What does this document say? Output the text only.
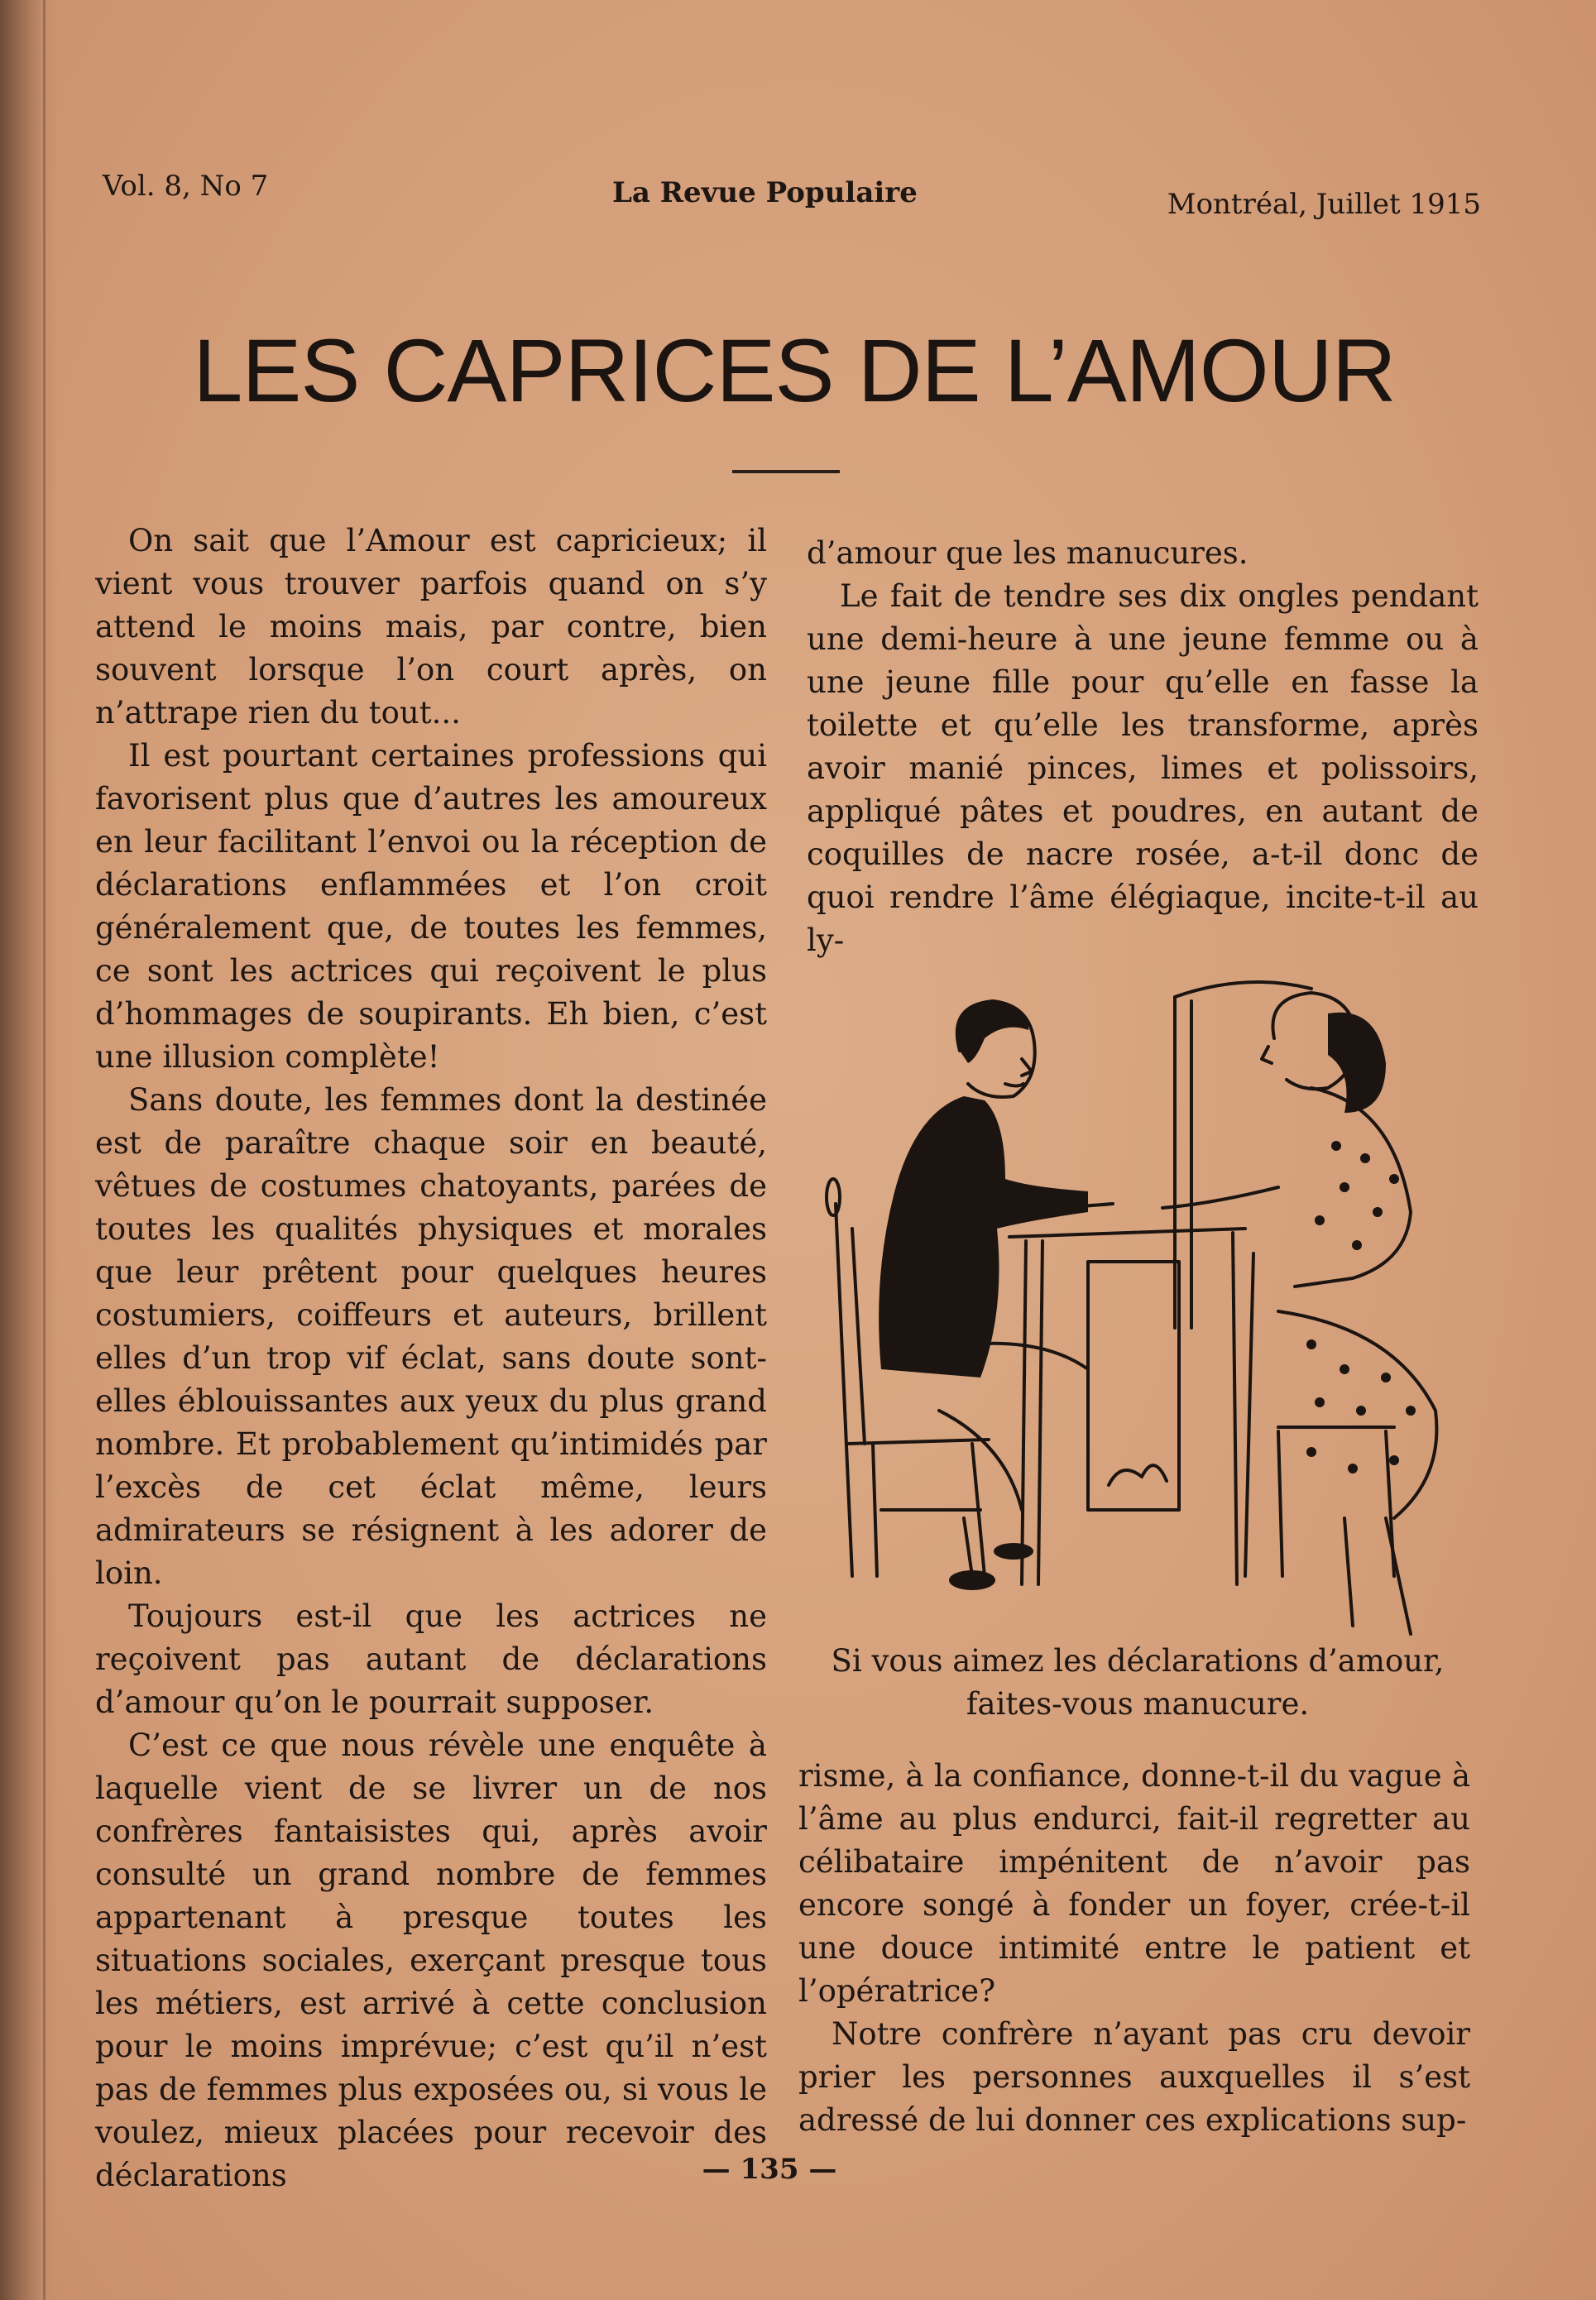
Vol. 8, No 7	La Revue Populaire	Montréal, Juillet 1915
LES CAPRICES DE L’AMOUR

On sait que l’Amour est capricieux; il vient vous trouver parfois quand on s’y attend le moins mais, par contre, bien souvent lorsque l’on court après, on n’attrape rien du tout...

Il est pourtant certaines professions qui favorisent plus que d’autres les amoureux en leur facilitant l’envoi ou la réception de déclarations enflammées et l’on croit généralement que, de toutes les femmes, ce sont les actrices qui reçoivent le plus d’hommages de soupirants. Eh bien, c’est une illusion complète!

Sans doute, les femmes dont la destinée est de paraître chaque soir en beauté, vêtues de costumes chatoyants, parées de toutes les qualités physiques et morales que leur prêtent pour quelques heures costumiers, coiffeurs et auteurs, brillent elles d’un trop vif éclat, sans doute sont-elles éblouissantes aux yeux du plus grand nombre. Et probablement qu’intimidés par l’excès de cet éclat même, leurs admirateurs se résignent à les adorer de loin.

Toujours est-il que les actrices ne reçoivent pas autant de déclarations d’amour qu’on le pourrait supposer.

C’est ce que nous révèle une enquête à laquelle vient de se livrer un de nos confrères fantaisistes qui, après avoir consulté un grand nombre de femmes appartenant à presque toutes les situations sociales, exerçant presque tous les métiers, est arrivé à cette conclusion pour le moins imprévue; c’est qu’il n’est pas de femmes plus exposées ou, si vous le voulez, mieux placées pour recevoir des déclarations

d’amour que les manucures.

Le fait de tendre ses dix ongles pendant une demi-heure à une jeune femme ou à une jeune fille pour qu’elle en fasse la toilette et qu’elle les transforme, après avoir manié pinces, limes et polissoirs, appliqué pâtes et poudres, en autant de coquilles de nacre rosée, a-t-il donc de quoi rendre l’âme élégiaque, incite-t-il au ly-

Si vous aimez les déclarations d’amour, faites-vous manucure.

risme, à la confiance, donne-t-il du vague à l’âme au plus endurci, fait-il regretter au célibataire impénitent de n’avoir pas encore songé à fonder un foyer, crée-t-il une douce intimité entre le patient et l’opératrice?

Notre confrère n’ayant pas cru devoir prier les personnes auxquelles il s’est adressé de lui donner ces explications sup-

— 135 —
